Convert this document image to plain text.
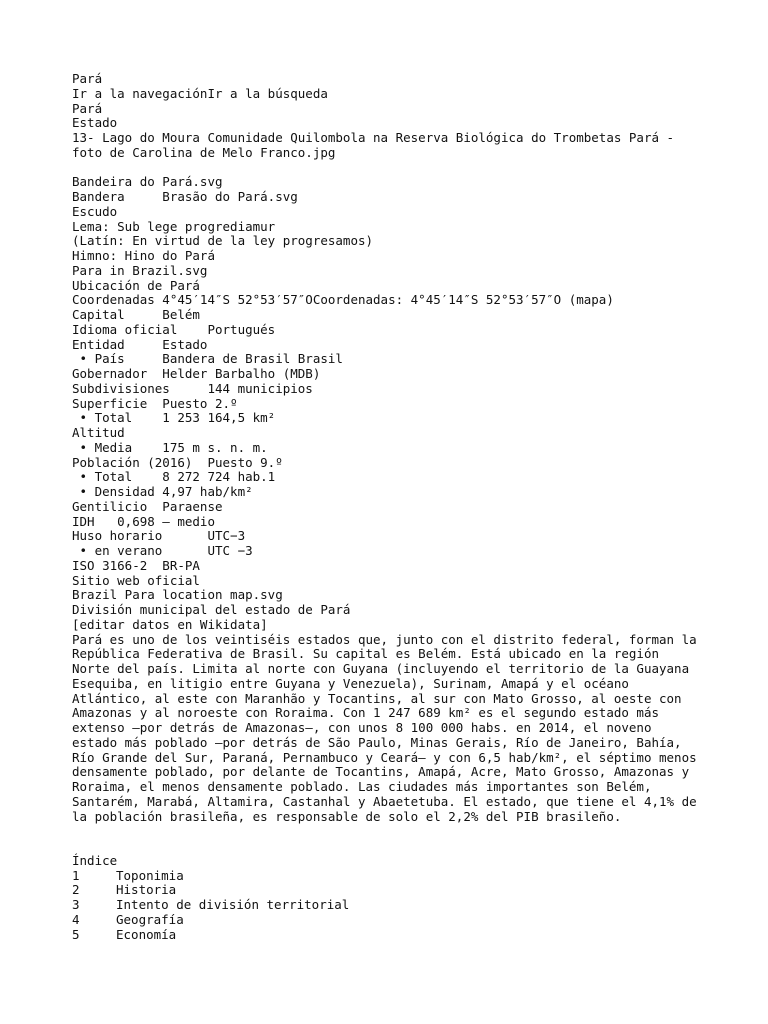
Pará
Ir a la navegaciónIr a la búsqueda
Pará
Estado
13- Lago do Moura Comunidade Quilombola na Reserva Biológica do Trombetas Pará -
foto de Carolina de Melo Franco.jpg
Bandeira do Pará.svg
Bandera     Brasão do Pará.svg
Escudo
Lema: Sub lege progrediamur
(Latín: En virtud de la ley progresamos)
Himno: Hino do Pará
Para in Brazil.svg
Ubicación de Pará
Coordenadas 4°45′14″S 52°53′57″OCoordenadas: 4°45′14″S 52°53′57″O (mapa)
Capital     Belém
Idioma oficial    Portugués
Entidad     Estado
• País     Bandera de Brasil Brasil
Gobernador  Helder Barbalho (MDB)
Subdivisiones     144 municipios
Superficie  Puesto 2.º
• Total    1 253 164,5 km²
Altitud
• Media    175 m s. n. m.
Población (2016)  Puesto 9.º
• Total    8 272 724 hab.1
• Densidad 4,97 hab/km²
Gentilicio  Paraense
IDH   0,698 – medio
Huso horario      UTC−3
• en verano      UTC −3
ISO 3166-2  BR-PA
Sitio web oficial
Brazil Para location map.svg
División municipal del estado de Pará
[editar datos en Wikidata]
Pará es uno de los veintiséis estados que, junto con el distrito federal, forman la
República Federativa de Brasil. Su capital es Belém. Está ubicado en la región
Norte del país. Limita al norte con Guyana (incluyendo el territorio de la Guayana
Esequiba, en litigio entre Guyana y Venezuela), Surinam, Amapá y el océano
Atlántico, al este con Maranhão y Tocantins, al sur con Mato Grosso, al oeste con
Amazonas y al noroeste con Roraima. Con 1 247 689 km² es el segundo estado más
extenso —por detrás de Amazonas—, con unos 8 100 000 habs. en 2014, el noveno
estado más poblado —por detrás de São Paulo, Minas Gerais, Río de Janeiro, Bahía,
Río Grande del Sur, Paraná, Pernambuco y Ceará— y con 6,5 hab/km², el séptimo menos
densamente poblado, por delante de Tocantins, Amapá, Acre, Mato Grosso, Amazonas y
Roraima, el menos densamente poblado. Las ciudades más importantes son Belém,
Santarém, Marabá, Altamira, Castanhal y Abaetetuba. El estado, que tiene el 4,1% de
la población brasileña, es responsable de solo el 2,2% del PIB brasileño.
Índice
1	Toponimia
2	Historia
3	Intento de división territorial
4	Geografía
5	Economía
